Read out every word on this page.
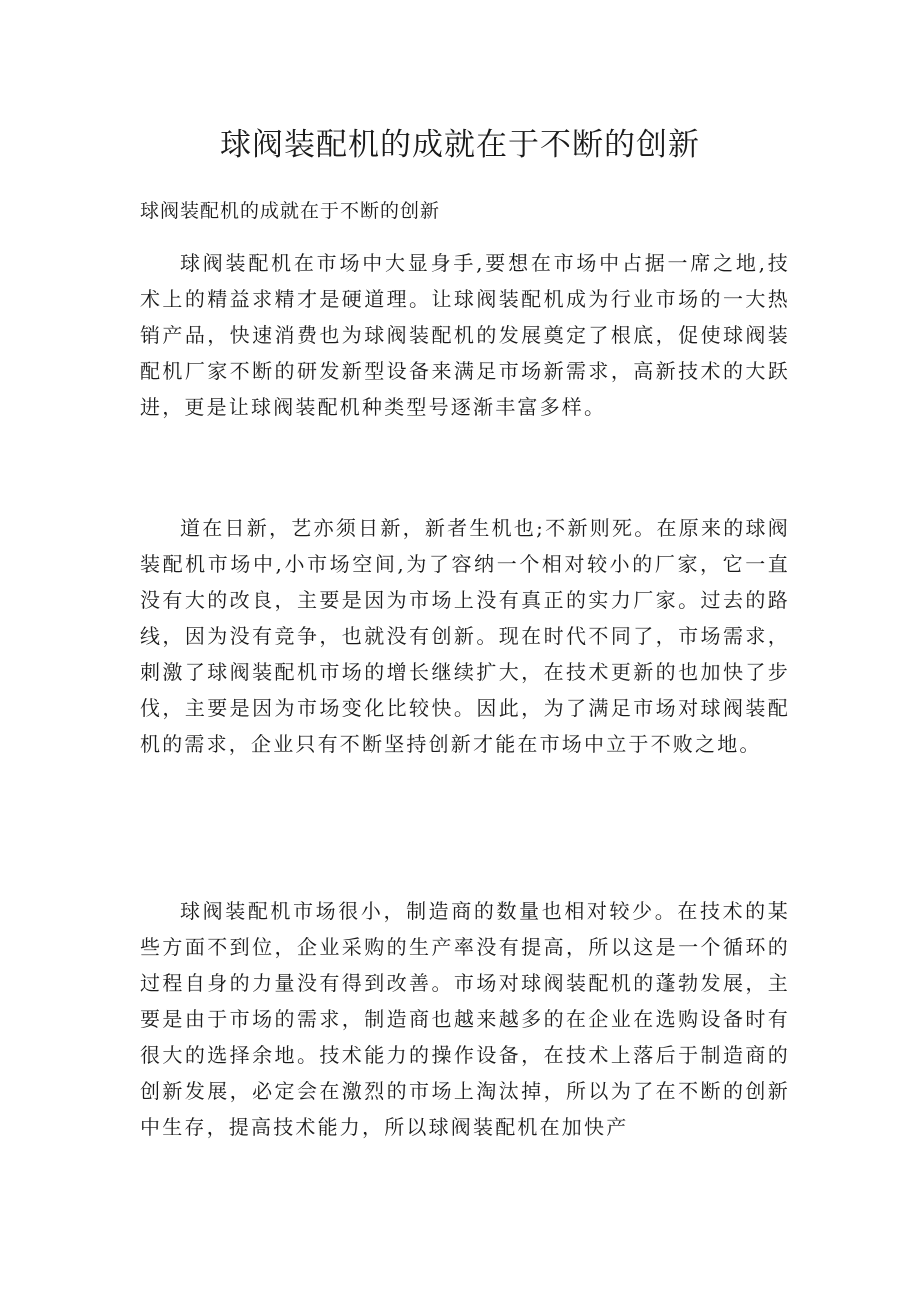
球阀装配机的成就在于不断的创新

球阀装配机的成就在于不断的创新

球阀装配机在市场中大显身手,要想在市场中占据一席之地,技术上的精益求精才是硬道理。让球阀装配机成为行业市场的一大热销产品，快速消费也为球阀装配机的发展奠定了根底，促使球阀装配机厂家不断的研发新型设备来满足市场新需求，高新技术的大跃进，更是让球阀装配机种类型号逐渐丰富多样。

道在日新，艺亦须日新，新者生机也;不新则死。在原来的球阀装配机市场中,小市场空间,为了容纳一个相对较小的厂家，它一直没有大的改良，主要是因为市场上没有真正的实力厂家。过去的路线，因为没有竞争，也就没有创新。现在时代不同了，市场需求，刺激了球阀装配机市场的增长继续扩大，在技术更新的也加快了步伐，主要是因为市场变化比较快。因此，为了满足市场对球阀装配机的需求，企业只有不断坚持创新才能在市场中立于不败之地。

球阀装配机市场很小，制造商的数量也相对较少。在技术的某些方面不到位，企业采购的生产率没有提高，所以这是一个循环的过程自身的力量没有得到改善。市场对球阀装配机的蓬勃发展，主要是由于市场的需求，制造商也越来越多的在企业在选购设备时有很大的选择余地。技术能力的操作设备，在技术上落后于制造商的创新发展，必定会在激烈的市场上淘汰掉，所以为了在不断的创新中生存，提高技术能力，所以球阀装配机在加快产
